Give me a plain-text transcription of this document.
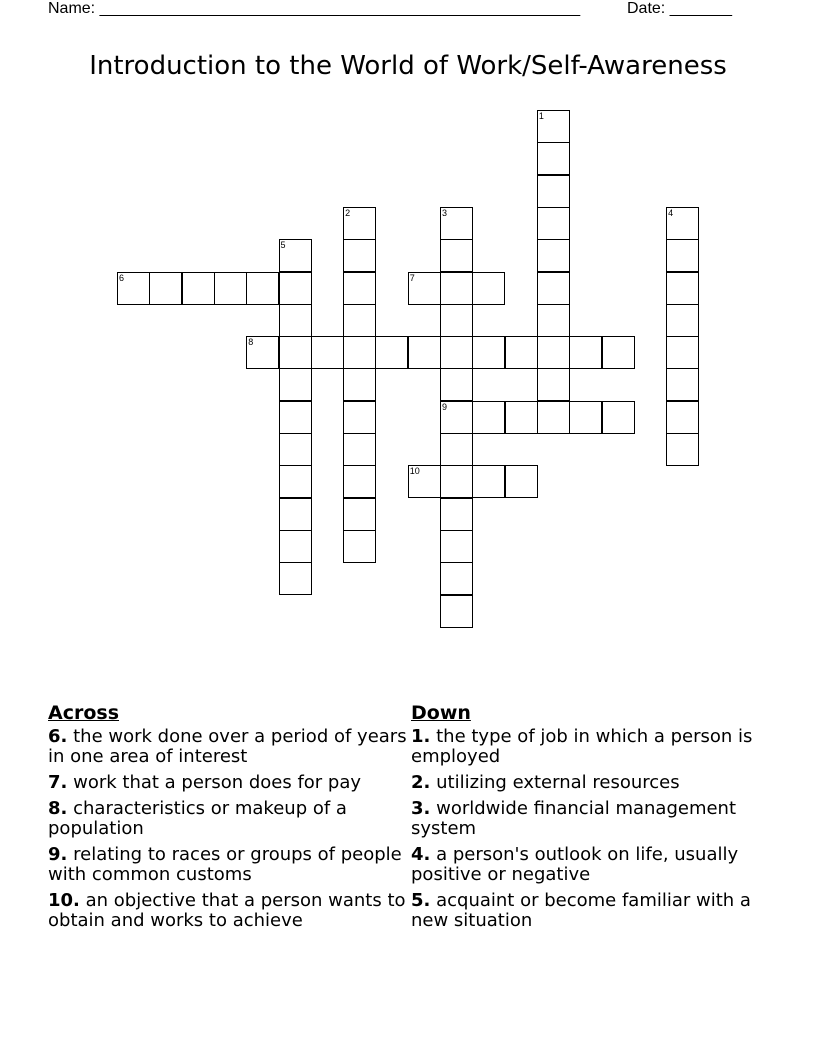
Name: ______________________________________________________	Date: _______
Introduction to the World of Work/Self-Awareness
1
2	3
9
4
5
6	7
8
10
Across
6. the work done over a period of years in one area of interest
7. work that a person does for pay
8. characteristics or makeup of a population
9. relating to races or groups of people with common customs
10. an objective that a person wants to obtain and works to achieve
Down
1. the type of job in which a person is employed
2. utilizing external resources
3. worldwide financial management system
4. a person's outlook on life, usually positive or negative
5. acquaint or become familiar with a new situation
